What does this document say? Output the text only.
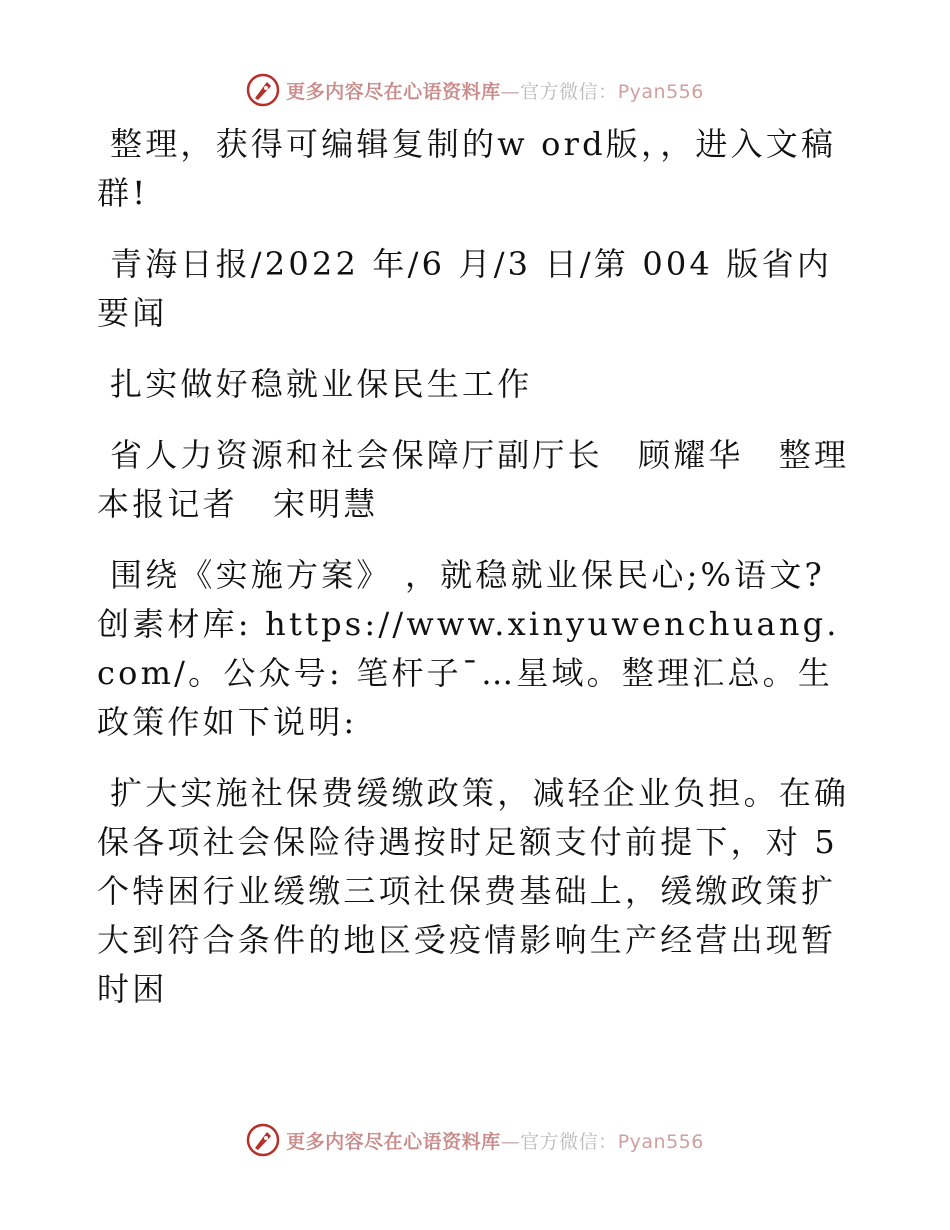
更多内容尽在心语资料库—官方微信：Pyan556

整理，获得可编辑复制的w ord版，，进入文稿群!

青海日报/2022 年/6 月/3 日/第 004 版省内要闻

扎实做好稳就业保民生工作

省人力资源和社会保障厅副厅长　顾耀华　整理本报记者　宋明慧

围绕《实施方案》 ，就稳就业保民心;%语文?创素材库: https://www.xinyuwenchuang.com/。公众号: 笔杆子¯…星域。整理汇总。生政策作如下说明:

扩大实施社保费缓缴政策，减轻企业负担。在确保各项社会保险待遇按时足额支付前提下，对 5 个特困行业缓缴三项社保费基础上，缓缴政策扩大到符合条件的地区受疫情影响生产经营出现暂时困

更多内容尽在心语资料库—官方微信：Pyan556
